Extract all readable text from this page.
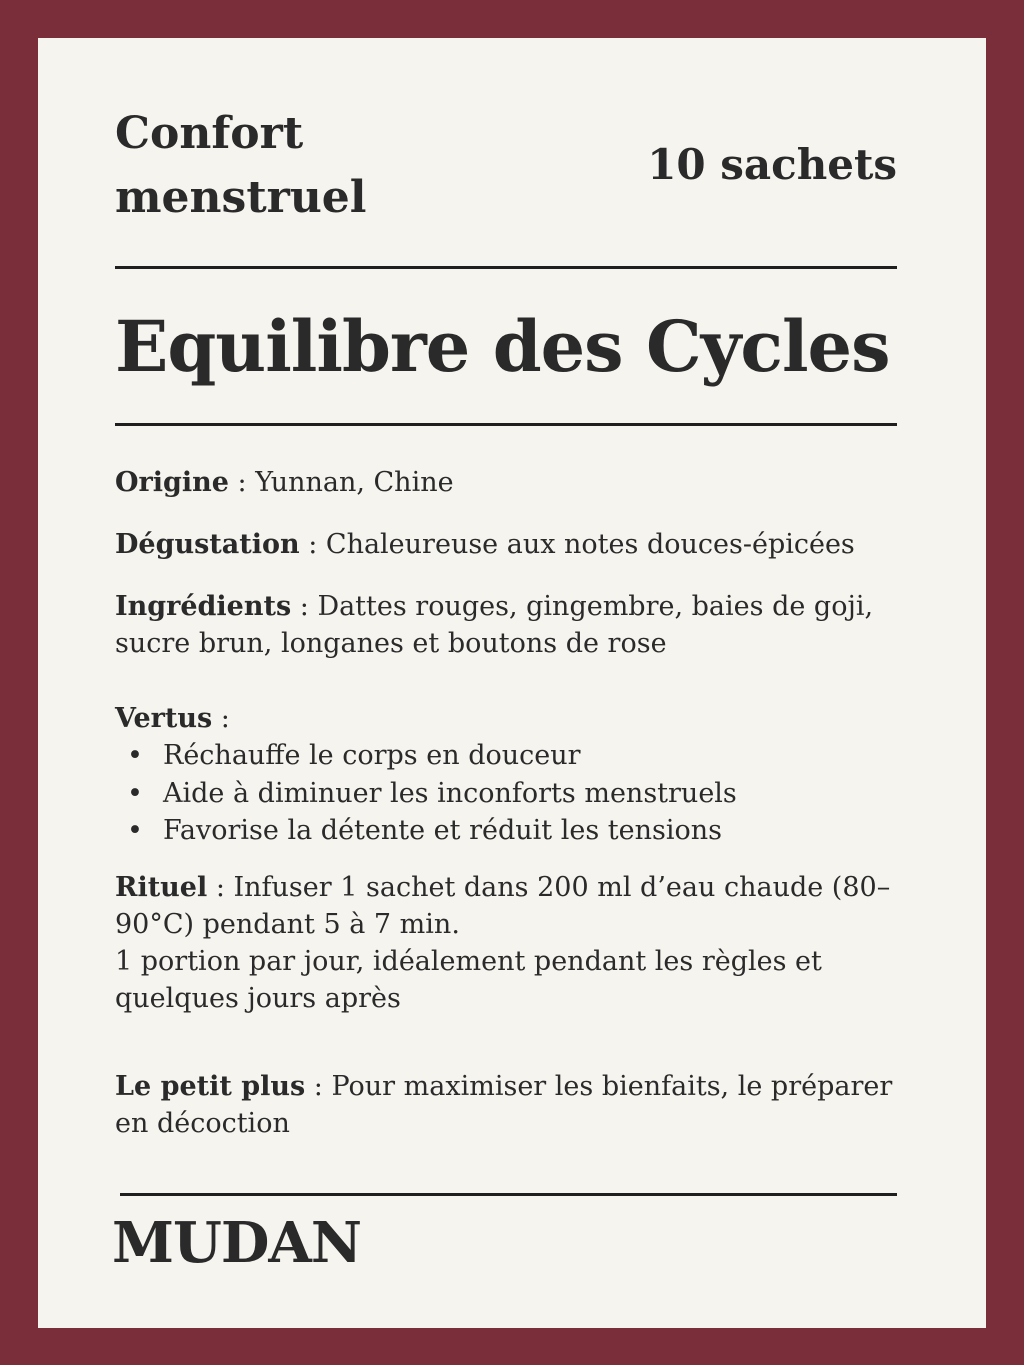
Confort menstruel
10 sachets
Equilibre des Cycles

Origine : Yunnan, Chine

Dégustation : Chaleureuse aux notes douces-épicées

Ingrédients : Dattes rouges, gingembre, baies de goji, sucre brun, longanes et boutons de rose

Vertus :

• Réchauffe le corps en douceur
• Aide à diminuer les inconforts menstruels
• Favorise la détente et réduit les tensions

Rituel : Infuser 1 sachet dans 200 ml d’eau chaude (80–90°C) pendant 5 à 7 min.

1 portion par jour, idéalement pendant les règles et quelques jours après

Le petit plus : Pour maximiser les bienfaits, le préparer en décoction

MUDAN
